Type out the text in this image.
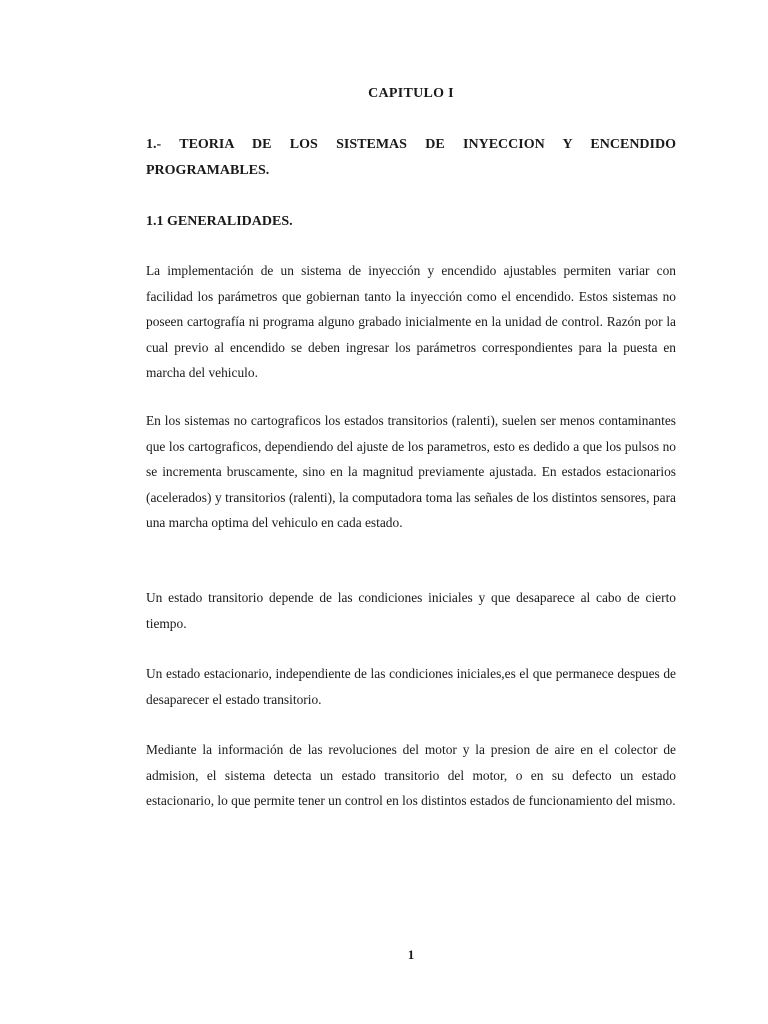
CAPITULO I
1.- TEORIA DE LOS SISTEMAS DE INYECCION Y ENCENDIDO PROGRAMABLES.
1.1 GENERALIDADES.

La implementación de un sistema de inyección y encendido ajustables permiten variar con facilidad los parámetros que gobiernan tanto la inyección como el encendido. Estos sistemas no poseen cartografía ni programa alguno grabado inicialmente en la unidad de control. Razón por la cual previo al encendido se deben ingresar los parámetros correspondientes para la puesta en marcha del vehiculo.

En los sistemas no cartograficos los estados transitorios (ralenti), suelen ser menos contaminantes que los cartograficos, dependiendo del ajuste de los parametros, esto es dedido a que los pulsos no se incrementa bruscamente, sino en la magnitud previamente ajustada. En estados estacionarios (acelerados) y transitorios (ralenti), la computadora toma las señales de los distintos sensores, para una marcha optima del vehiculo en cada estado.

Un estado transitorio depende de las condiciones iniciales y que desaparece al cabo de cierto tiempo.

Un estado estacionario, independiente de las condiciones iniciales,es el que permanece despues de desaparecer el estado transitorio.

Mediante la información de las revoluciones del motor y la presion de aire en el colector de admision, el sistema detecta un estado transitorio del motor, o en su defecto un estado estacionario, lo que permite tener un control en los distintos estados de funcionamiento del mismo.

1
